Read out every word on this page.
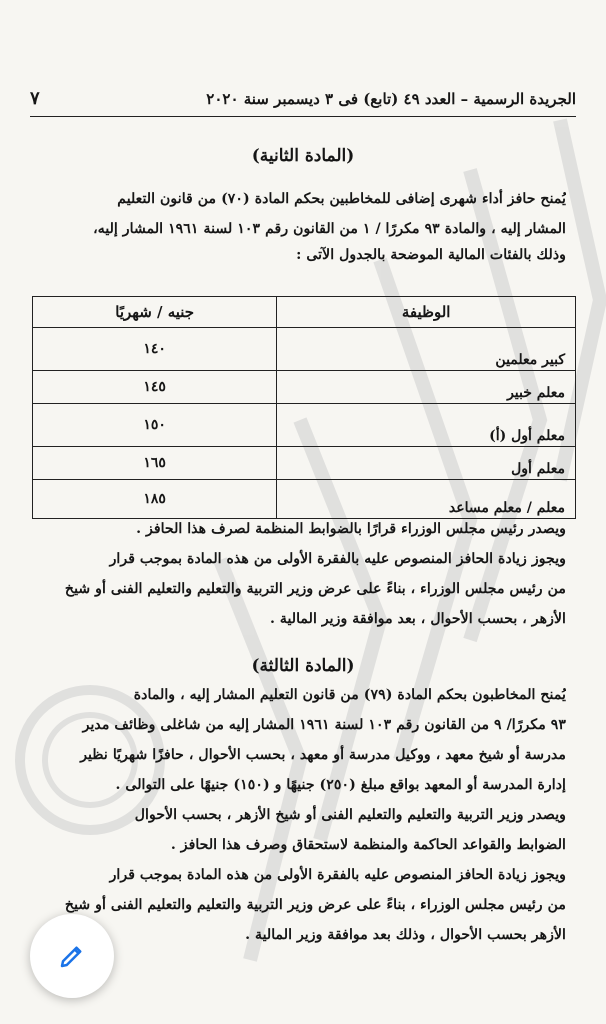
الجريدة الرسمية – العدد ٤٩ (تابع) فى ٣ ديسمبر سنة ٢٠٢٠
٧
(المادة الثانية)
يُمنح حافز أداء شهرى إضافى للمخاطبين بحكم المادة (٧٠) من قانون التعليم
المشار إليه ، والمادة ٩٣ مكررًا / ١ من القانون رقم ١٠٣ لسنة ١٩٦١ المشار إليه،
وذلك بالفئات المالية الموضحة بالجدول الآتى :
الوظيفة	جنيه / شهريًا
كبير معلمين	١٤٠
معلم خبير	١٤٥
معلم أول (أ)	١٥٠
معلم أول	١٦٥
معلم / معلم مساعد	١٨٥
ويصدر رئيس مجلس الوزراء قرارًا بالضوابط المنظمة لصرف هذا الحافز .
ويجوز زيادة الحافز المنصوص عليه بالفقرة الأولى من هذه المادة بموجب قرار
من رئيس مجلس الوزراء ، بناءً على عرض وزير التربية والتعليم والتعليم الفنى أو شيخ
الأزهر ، بحسب الأحوال ، بعد موافقة وزير المالية .
(المادة الثالثة)
يُمنح المخاطبون بحكم المادة (٧٩) من قانون التعليم المشار إليه ، والمادة
٩٣ مكررًا/ ٩ من القانون رقم ١٠٣ لسنة ١٩٦١ المشار إليه من شاغلى وظائف مدير
مدرسة أو شيخ معهد ، ووكيل مدرسة أو معهد ، بحسب الأحوال ، حافزًا شهريًا نظير
إدارة المدرسة أو المعهد بواقع مبلغ (٢٥٠) جنيهًا و (١٥٠) جنيهًا على التوالى .
ويصدر وزير التربية والتعليم والتعليم الفنى أو شيخ الأزهر ، بحسب الأحوال
الضوابط والقواعد الحاكمة والمنظمة لاستحقاق وصرف هذا الحافز .
ويجوز زيادة الحافز المنصوص عليه بالفقرة الأولى من هذه المادة بموجب قرار
من رئيس مجلس الوزراء ، بناءً على عرض وزير التربية والتعليم والتعليم الفنى أو شيخ
الأزهر بحسب الأحوال ، وذلك بعد موافقة وزير المالية .
